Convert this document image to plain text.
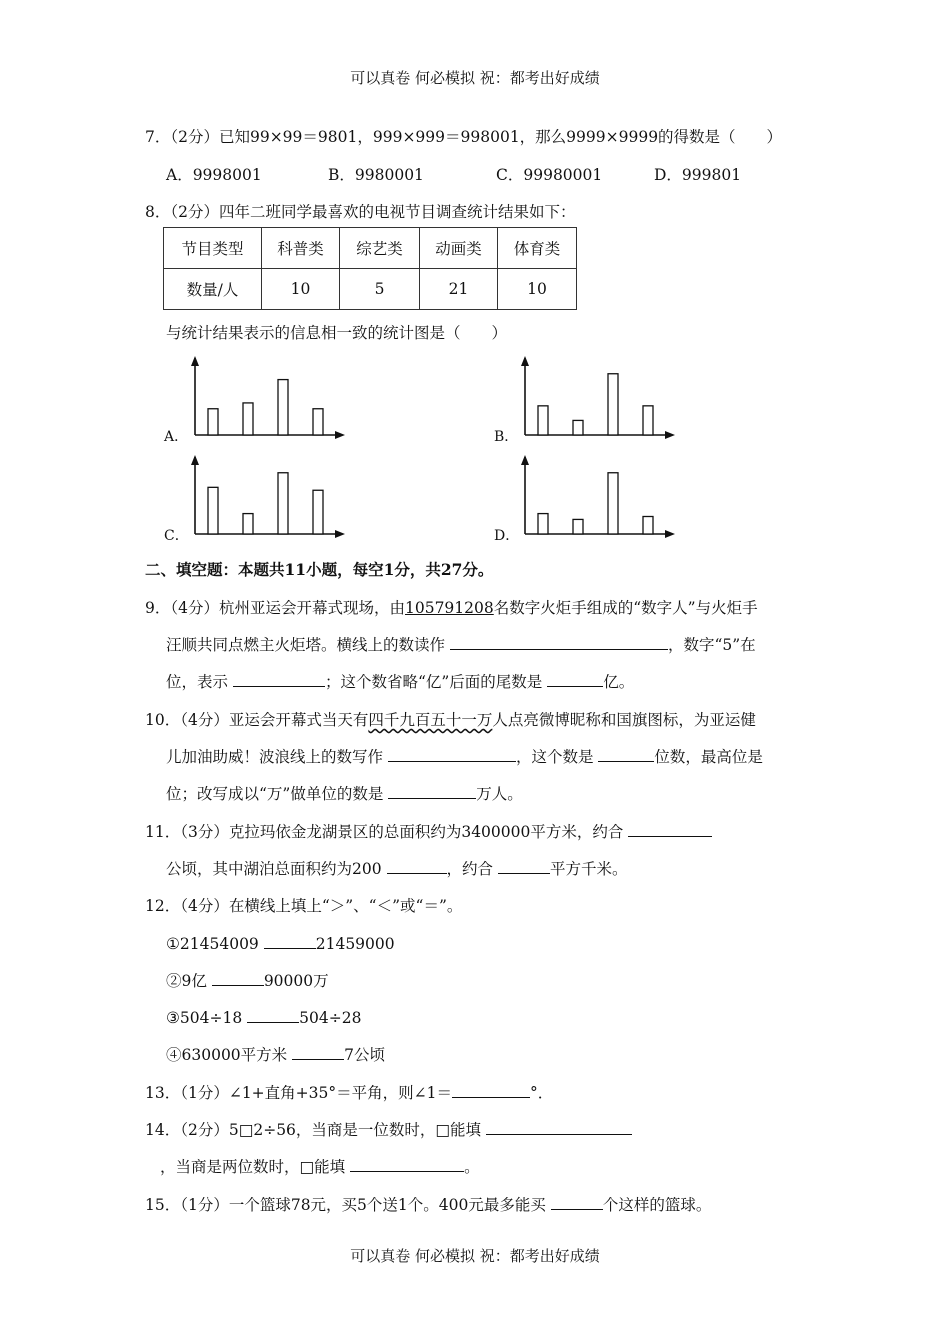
可以真卷 何必模拟 祝：都考出好成绩
7．（2分）已知99×99＝9801，999×999＝998001，那么9999×9999的得数是（　　）
A．9998001	B．9980001	C．99980001	D．999801
8．（2分）四年二班同学最喜欢的电视节目调查统计结果如下：
节目类型	科普类	综艺类	动画类	体育类
数量/人	10	5	21	10
与统计结果表示的信息相一致的统计图是（　　）
A．	B．
C．	D．
二、填空题：本题共11小题，每空1分，共27分。
9．（4分）杭州亚运会开幕式现场，由105791208名数字火炬手组成的“数字人”与火炬手
汪顺共同点燃主火炬塔。横线上的数读作	，数字“5”在
位，表示	；这个数省略“亿”后面的尾数是	亿。
10．（4分）亚运会开幕式当天有四千九百五十一万人点亮微博昵称和国旗图标，为亚运健
儿加油助威！波浪线上的数写作	，这个数是	位数，最高位是
位；改写成以“万”做单位的数是	万人。
11．（3分）克拉玛依金龙湖景区的总面积约为3400000平方米，约合
公顷，其中湖泊总面积约为200	，约合	平方千米。
12．（4分）在横线上填上“＞”、“＜”或“＝”。
①21454009	21459000
②9亿	90000万
③504÷18	504÷28
④630000平方米	7公顷
13．（1分）∠1+直角+35°＝平角，则∠1＝	°．
14．（2分）5□2÷56，当商是一位数时，□能填
，当商是两位数时，□能填	。
15．（1分）一个篮球78元，买5个送1个。400元最多能买	个这样的篮球。
可以真卷 何必模拟 祝：都考出好成绩
